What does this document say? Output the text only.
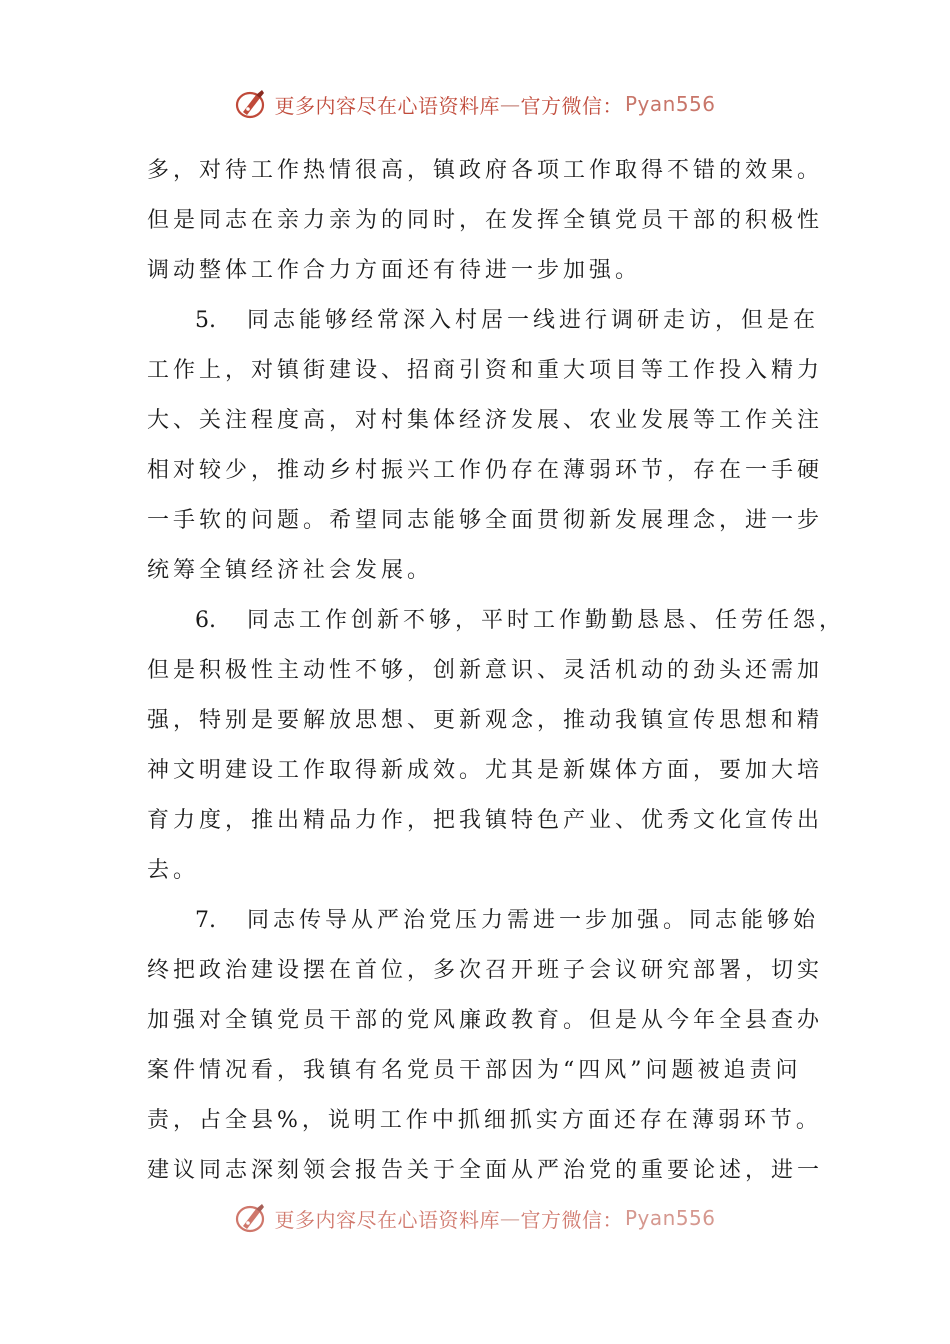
更多内容尽在心语资料库 — 官方微信： Pyan556
多，对待工作热情很高，镇政府各项工作取得不错的效果。
但是同志在亲力亲为的同时，在发挥全镇党员干部的积极性
调动整体工作合力方面还有待进一步加强。
5. 同志能够经常深入村居一线进行调研走访，但是在
工作上，对镇街建设、招商引资和重大项目等工作投入精力
大、关注程度高，对村集体经济发展、农业发展等工作关注
相对较少，推动乡村振兴工作仍存在薄弱环节，存在一手硬
一手软的问题。希望同志能够全面贯彻新发展理念，进一步
统筹全镇经济社会发展。
6. 同志工作创新不够，平时工作勤勤恳恳、任劳任怨，
但是积极性主动性不够，创新意识、灵活机动的劲头还需加
强，特别是要解放思想、更新观念，推动我镇宣传思想和精
神文明建设工作取得新成效。尤其是新媒体方面，要加大培
育力度，推出精品力作，把我镇特色产业、优秀文化宣传出
去。
7. 同志传导从严治党压力需进一步加强。同志能够始
终把政治建设摆在首位，多次召开班子会议研究部署，切实
加强对全镇党员干部的党风廉政教育。但是从今年全县查办
案件情况看，我镇有名党员干部因为“四风”问题被追责问
责，占全县%，说明工作中抓细抓实方面还存在薄弱环节。
建议同志深刻领会报告关于全面从严治党的重要论述，进一
更多内容尽在心语资料库 — 官方微信： Pyan556
